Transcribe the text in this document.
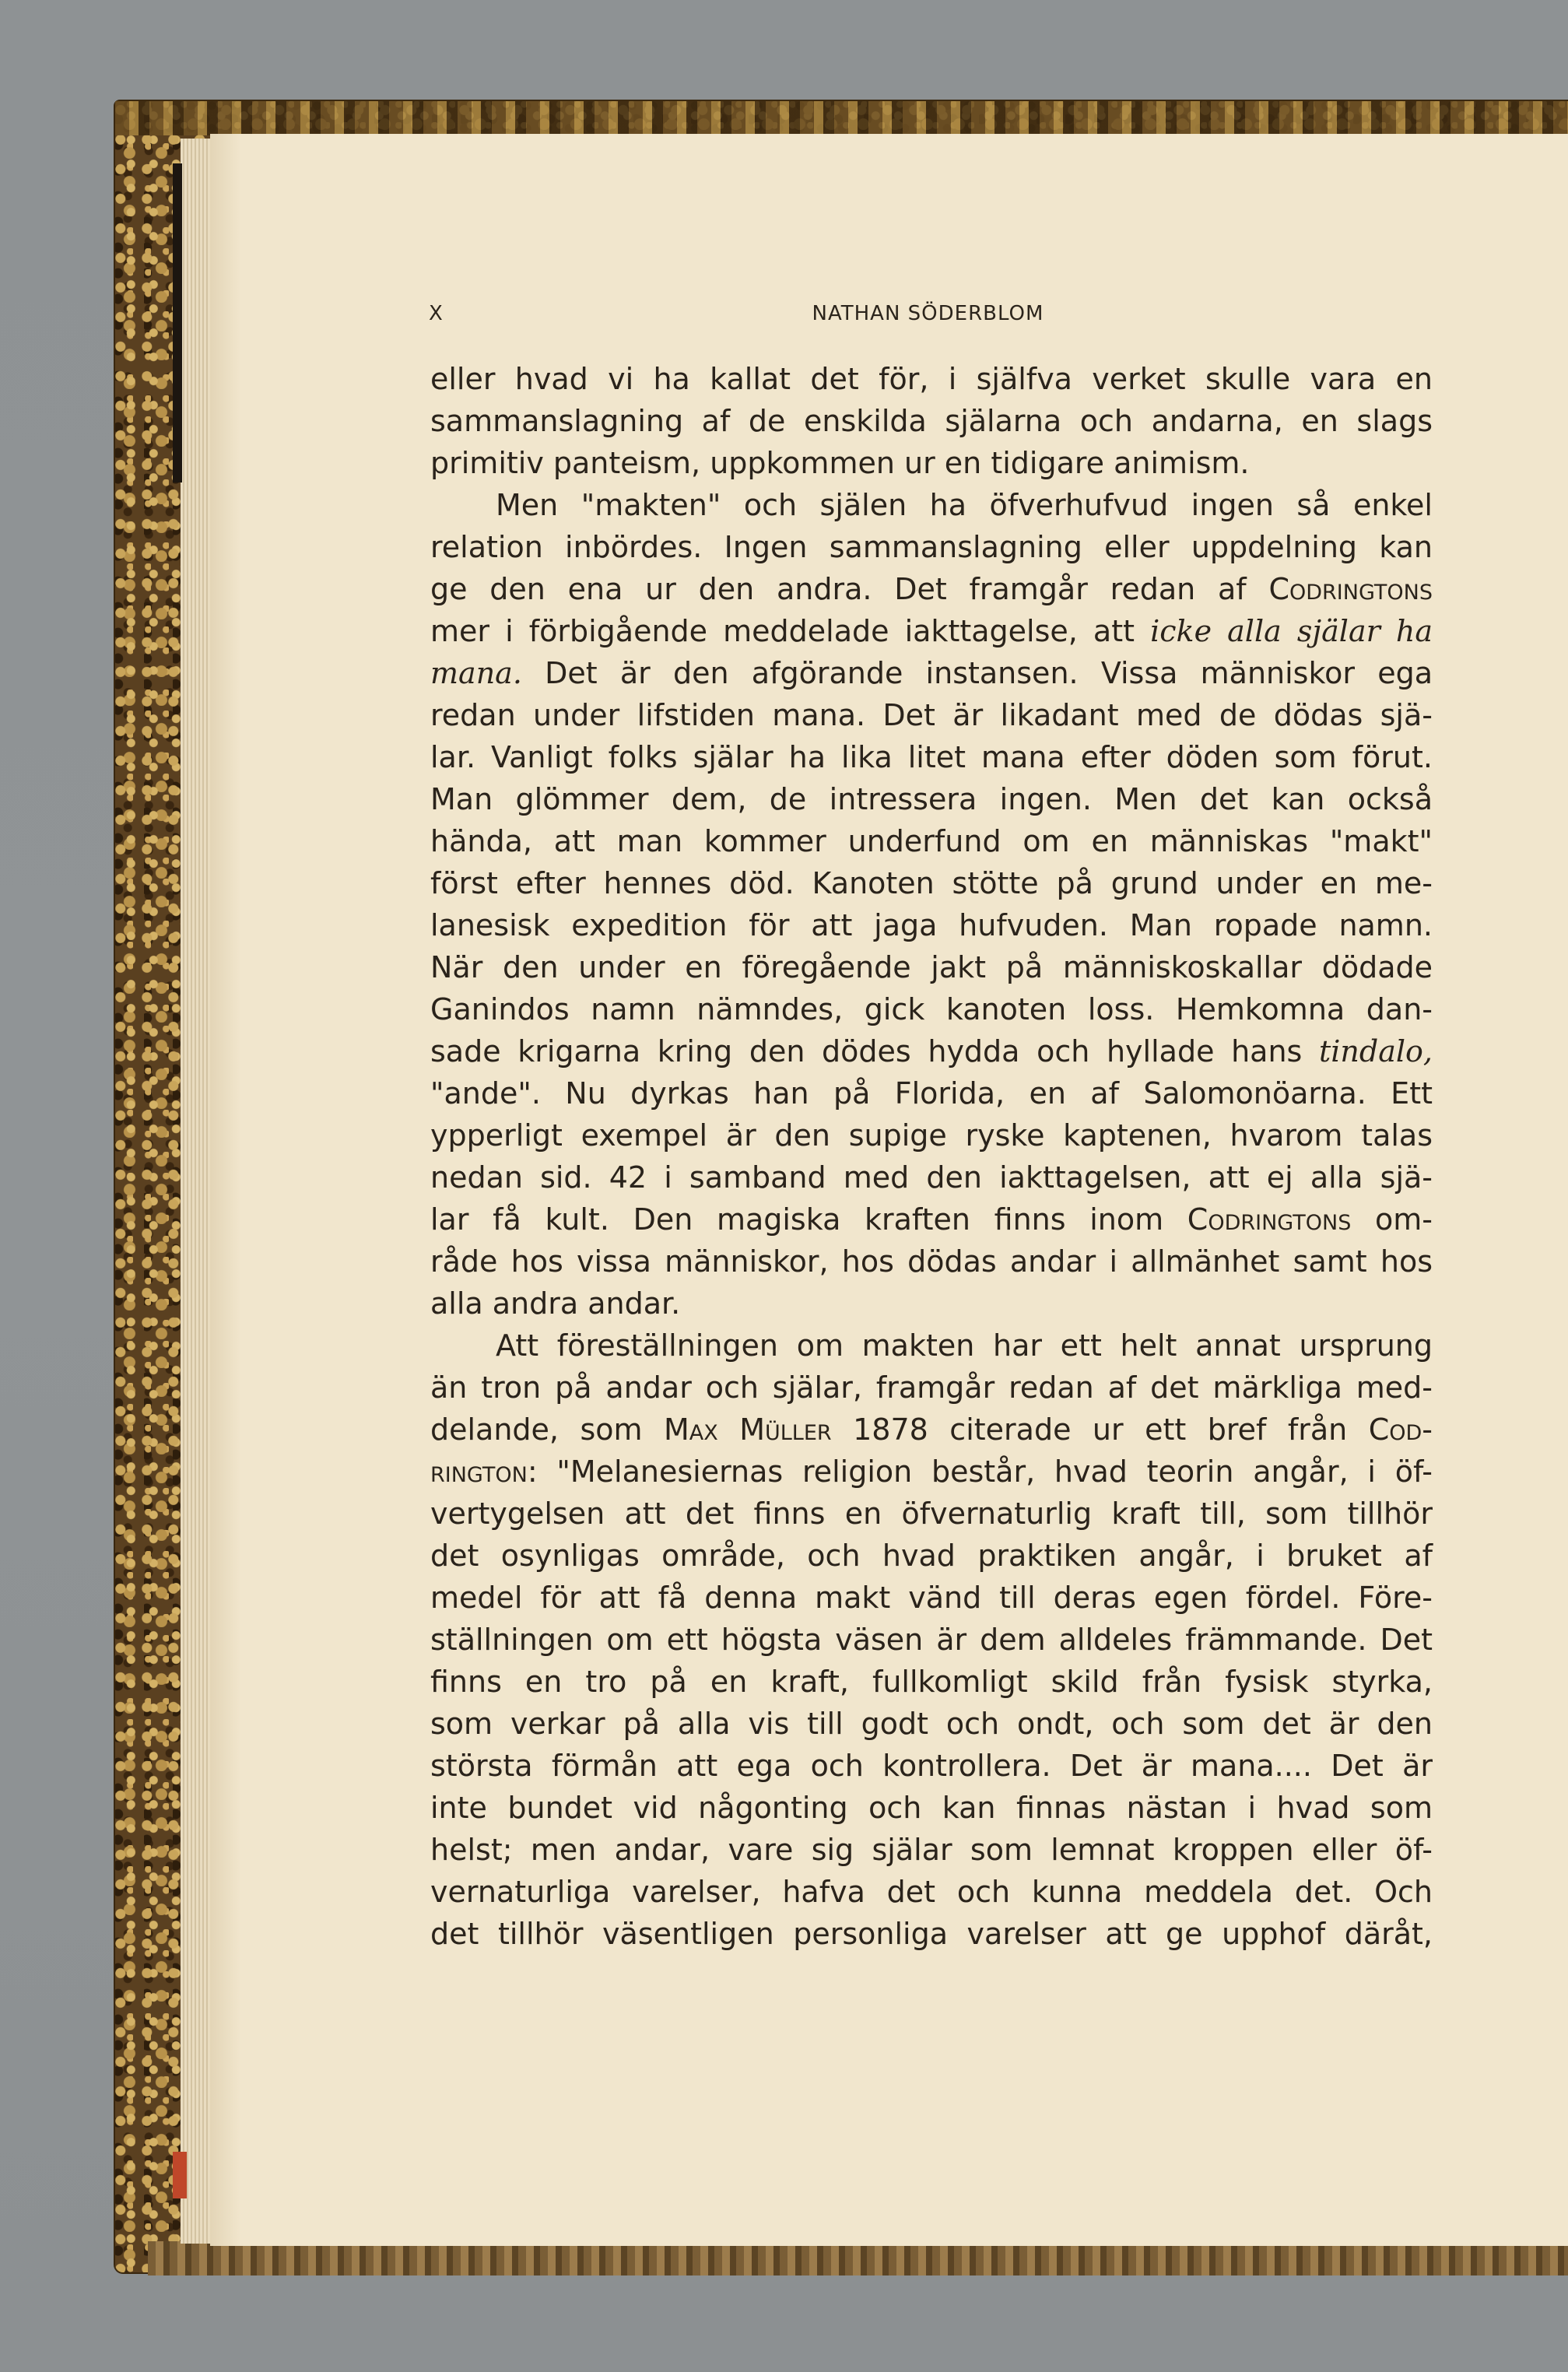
X	NATHAN SÖDERBLOM
eller hvad vi ha kallat det för, i själfva verket skulle vara en
sammanslagning af de enskilda själarna och andarna, en slags
primitiv panteism, uppkommen ur en tidigare animism.
Men "makten" och själen ha öfverhufvud ingen så enkel
relation inbördes. Ingen sammanslagning eller uppdelning kan
ge den ena ur den andra. Det framgår redan af Codringtons
mer i förbigående meddelade iakttagelse, att icke alla själar ha
mana. Det är den afgörande instansen. Vissa människor ega
redan under lifstiden mana. Det är likadant med de dödas sjä-
lar. Vanligt folks själar ha lika litet mana efter döden som förut.
Man glömmer dem, de intressera ingen. Men det kan också
hända, att man kommer underfund om en människas "makt"
först efter hennes död. Kanoten stötte på grund under en me-
lanesisk expedition för att jaga hufvuden. Man ropade namn.
När den under en föregående jakt på människoskallar dödade
Ganindos namn nämndes, gick kanoten loss. Hemkomna dan-
sade krigarna kring den dödes hydda och hyllade hans tindalo,
"ande". Nu dyrkas han på Florida, en af Salomonöarna. Ett
ypperligt exempel är den supige ryske kaptenen, hvarom talas
nedan sid. 42 i samband med den iakttagelsen, att ej alla sjä-
lar få kult. Den magiska kraften finns inom Codringtons om-
råde hos vissa människor, hos dödas andar i allmänhet samt hos
alla andra andar.
Att föreställningen om makten har ett helt annat ursprung
än tron på andar och själar, framgår redan af det märkliga med-
delande, som Max Müller 1878 citerade ur ett bref från Cod-
rington: "Melanesiernas religion består, hvad teorin angår, i öf-
vertygelsen att det finns en öfvernaturlig kraft till, som tillhör
det osynligas område, och hvad praktiken angår, i bruket af
medel för att få denna makt vänd till deras egen fördel. Före-
ställningen om ett högsta väsen är dem alldeles främmande. Det
finns en tro på en kraft, fullkomligt skild från fysisk styrka,
som verkar på alla vis till godt och ondt, och som det är den
största förmån att ega och kontrollera. Det är mana.... Det är
inte bundet vid någonting och kan finnas nästan i hvad som
helst; men andar, vare sig själar som lemnat kroppen eller öf-
vernaturliga varelser, hafva det och kunna meddela det. Och
det tillhör väsentligen personliga varelser att ge upphof däråt,
